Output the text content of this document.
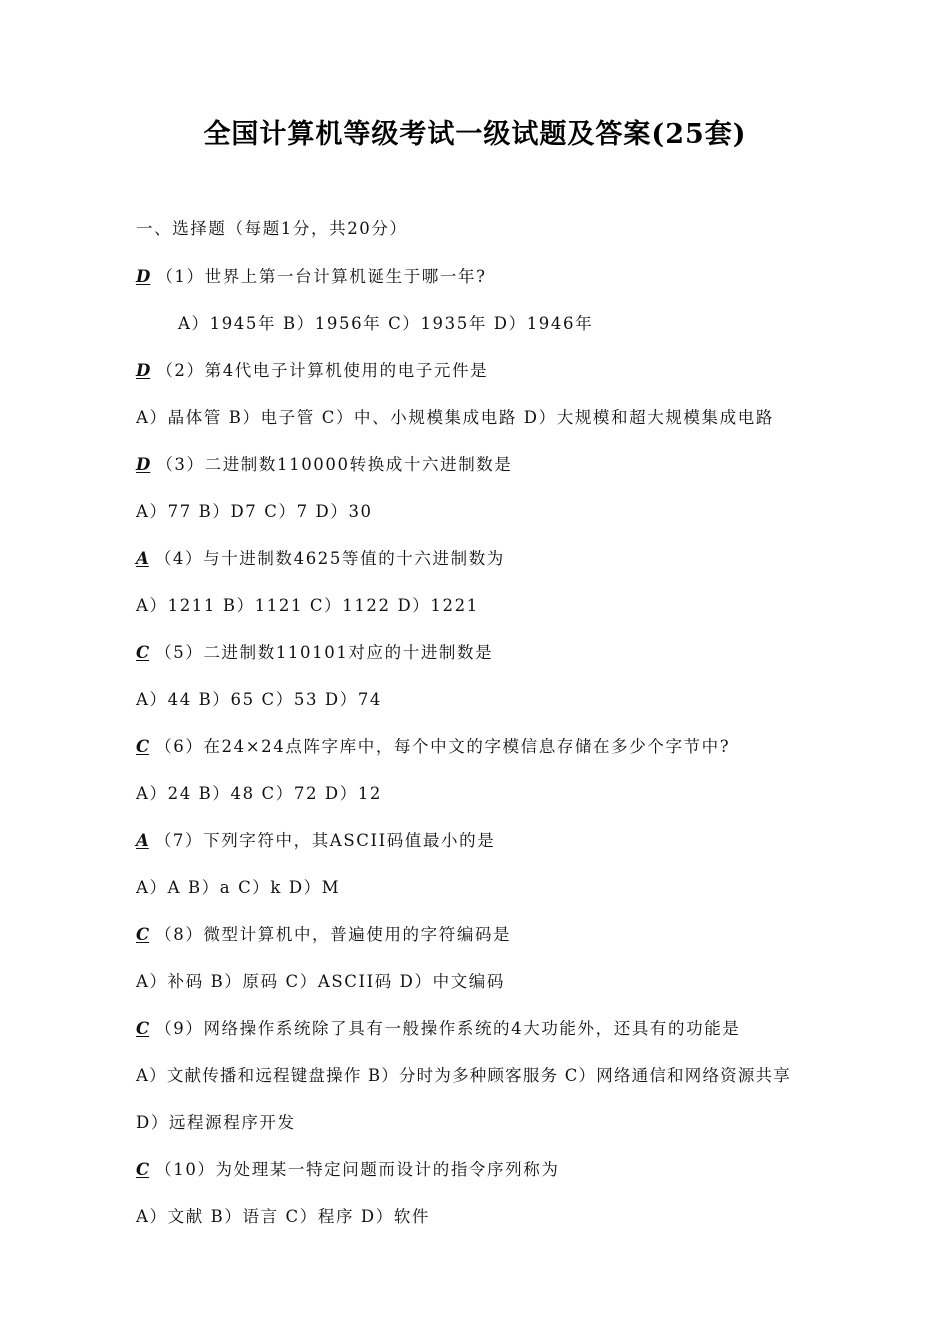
全国计算机等级考试一级试题及答案(25套)
一、选择题（每题1分，共20分）
D （1）世界上第一台计算机诞生于哪一年?
A）1945年 B）1956年 C）1935年 D）1946年
D （2）第4代电子计算机使用的电子元件是
A）晶体管 B）电子管 C）中、小规模集成电路 D）大规模和超大规模集成电路
D （3）二进制数110000转换成十六进制数是
A）77 B）D7 C）7 D）30
A （4）与十进制数4625等值的十六进制数为
A）1211 B）1121 C）1122 D）1221
C （5）二进制数110101对应的十进制数是
A）44 B）65 C）53 D）74
C （6）在24×24点阵字库中，每个中文的字模信息存储在多少个字节中?
A）24 B）48 C）72 D）12
A （7）下列字符中，其ASCII码值最小的是
A）A B）a C）k D）M
C （8）微型计算机中，普遍使用的字符编码是
A）补码 B）原码 C）ASCII码 D）中文编码
C （9）网络操作系统除了具有一般操作系统的4大功能外，还具有的功能是
A）文献传播和远程键盘操作 B）分时为多种顾客服务 C）网络通信和网络资源共享
D）远程源程序开发
C （10）为处理某一特定问题而设计的指令序列称为
A）文献 B）语言 C）程序 D）软件
